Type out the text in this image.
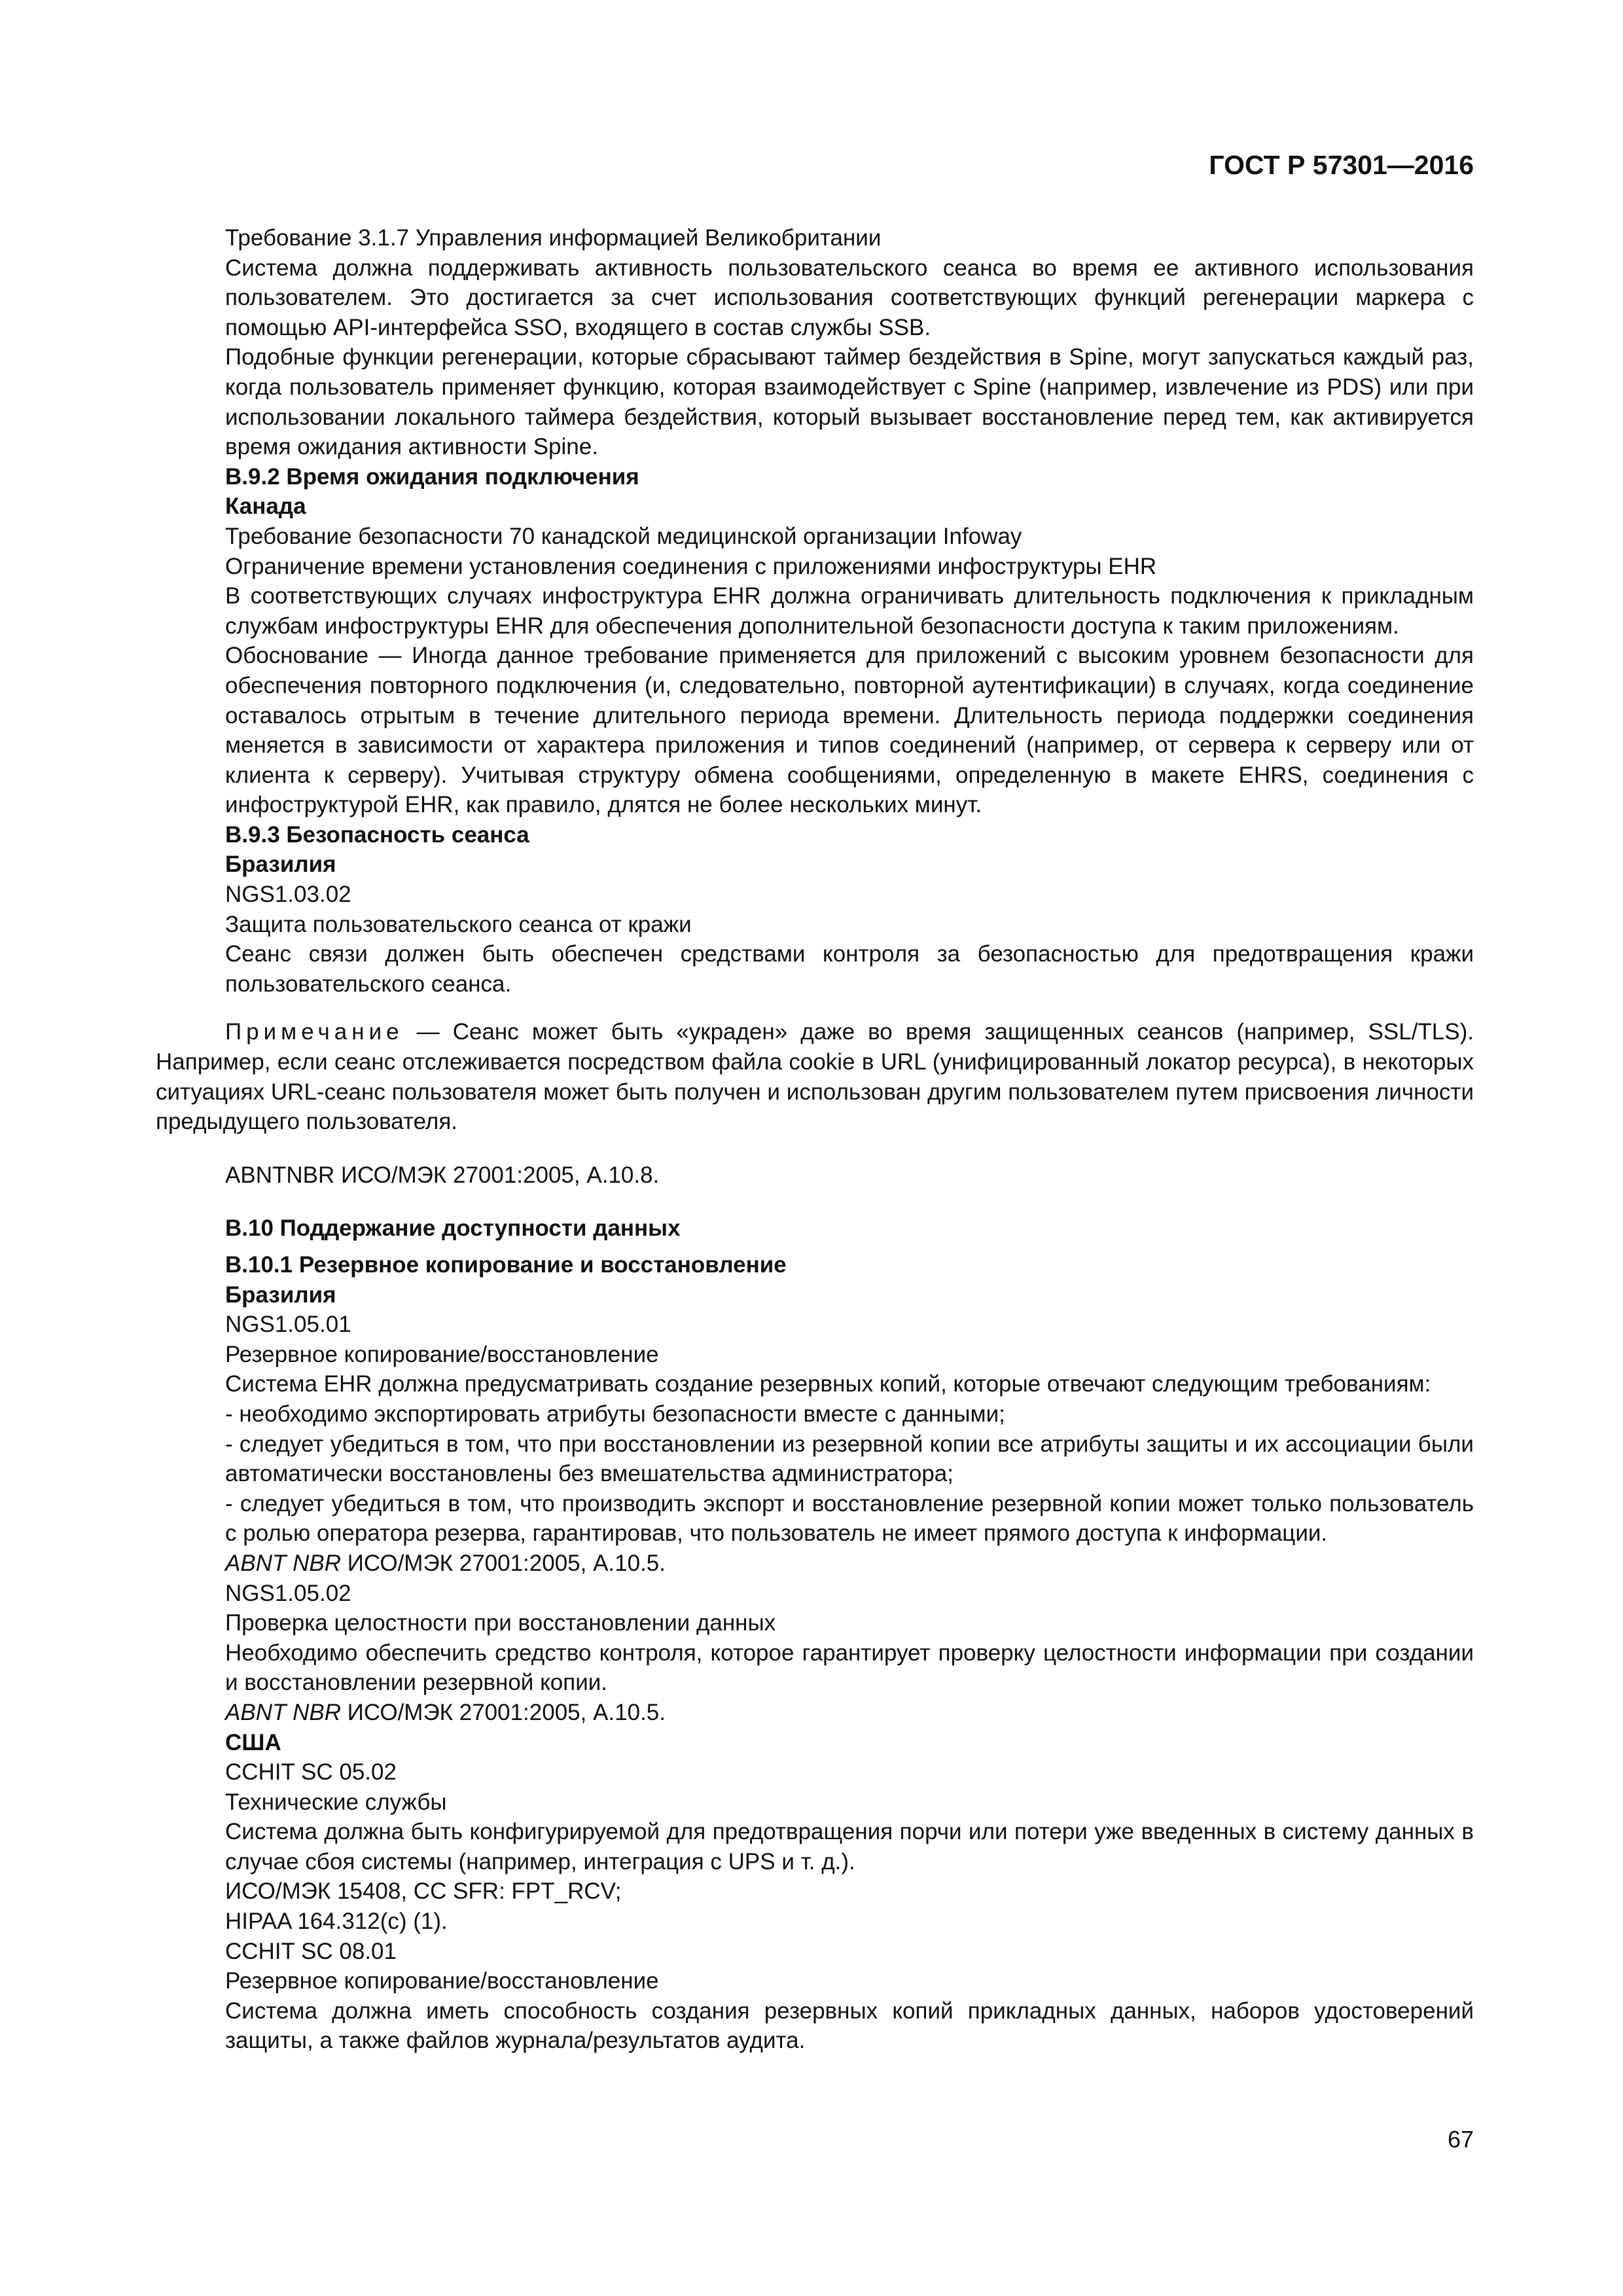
ГОСТ Р 57301—2016

Требование 3.1.7 Управления информацией Великобритании

Система должна поддерживать активность пользовательского сеанса во время ее активного использования пользователем. Это достигается за счет использования соответствующих функций регенерации маркера с помощью API-интерфейса SSO, входящего в состав службы SSB.

Подобные функции регенерации, которые сбрасывают таймер бездействия в Spine, могут запускаться каждый раз, когда пользователь применяет функцию, которая взаимодействует с Spine (например, извлечение из PDS) или при использовании локального таймера бездействия, который вызывает восстановление перед тем, как активируется время ожидания активности Spine.

В.9.2 Время ожидания подключения

Канада

Требование безопасности 70 канадской медицинской организации Infoway

Ограничение времени установления соединения с приложениями инфоструктуры EHR

В соответствующих случаях инфоструктура EHR должна ограничивать длительность подключения к прикладным службам инфоструктуры EHR для обеспечения дополнительной безопасности доступа к таким приложениям.

Обоснование — Иногда данное требование применяется для приложений с высоким уровнем безопасности для обеспечения повторного подключения (и, следовательно, повторной аутентификации) в случаях, когда соединение оставалось отрытым в течение длительного периода времени. Длительность периода поддержки соединения меняется в зависимости от характера приложения и типов соединений (например, от сервера к серверу или от клиента к серверу). Учитывая структуру обмена сообщениями, определенную в макете EHRS, соединения с инфоструктурой EHR, как правило, длятся не более нескольких минут.

В.9.3 Безопасность сеанса

Бразилия

NGS1.03.02

Защита пользовательского сеанса от кражи

Сеанс связи должен быть обеспечен средствами контроля за безопасностью для предотвращения кражи пользовательского сеанса.

Примечание — Сеанс может быть «украден» даже во время защищенных сеансов (например, SSL/TLS). Например, если сеанс отслеживается посредством файла cookie в URL (унифицированный локатор ресурса), в некоторых ситуациях URL-сеанс пользователя может быть получен и использован другим пользователем путем присвоения личности предыдущего пользователя.

ABNTNBR ИСО/МЭК 27001:2005, А.10.8.

В.10 Поддержание доступности данных

В.10.1 Резервное копирование и восстановление

Бразилия

NGS1.05.01

Резервное копирование/восстановление

Система EHR должна предусматривать создание резервных копий, которые отвечают следующим требованиям:

- необходимо экспортировать атрибуты безопасности вместе с данными;

- следует убедиться в том, что при восстановлении из резервной копии все атрибуты защиты и их ассоциации были автоматически восстановлены без вмешательства администратора;

- следует убедиться в том, что производить экспорт и восстановление резервной копии может только пользователь с ролью оператора резерва, гарантировав, что пользователь не имеет прямого доступа к информации.

ABNT NBR ИСО/МЭК 27001:2005, А.10.5.

NGS1.05.02

Проверка целостности при восстановлении данных

Необходимо обеспечить средство контроля, которое гарантирует проверку целостности информации при создании и восстановлении резервной копии.

ABNT NBR ИСО/МЭК 27001:2005, А.10.5.

США

CCHIT SC 05.02

Технические службы

Система должна быть конфигурируемой для предотвращения порчи или потери уже введенных в систему данных в случае сбоя системы (например, интеграция с UPS и т. д.).

ИСО/МЭК 15408, CC SFR: FPT_RCV;

HIPAA 164.312(c) (1).

CCHIT SC 08.01

Резервное копирование/восстановление

Система должна иметь способность создания резервных копий прикладных данных, наборов удостоверений защиты, а также файлов журнала/результатов аудита.

67
